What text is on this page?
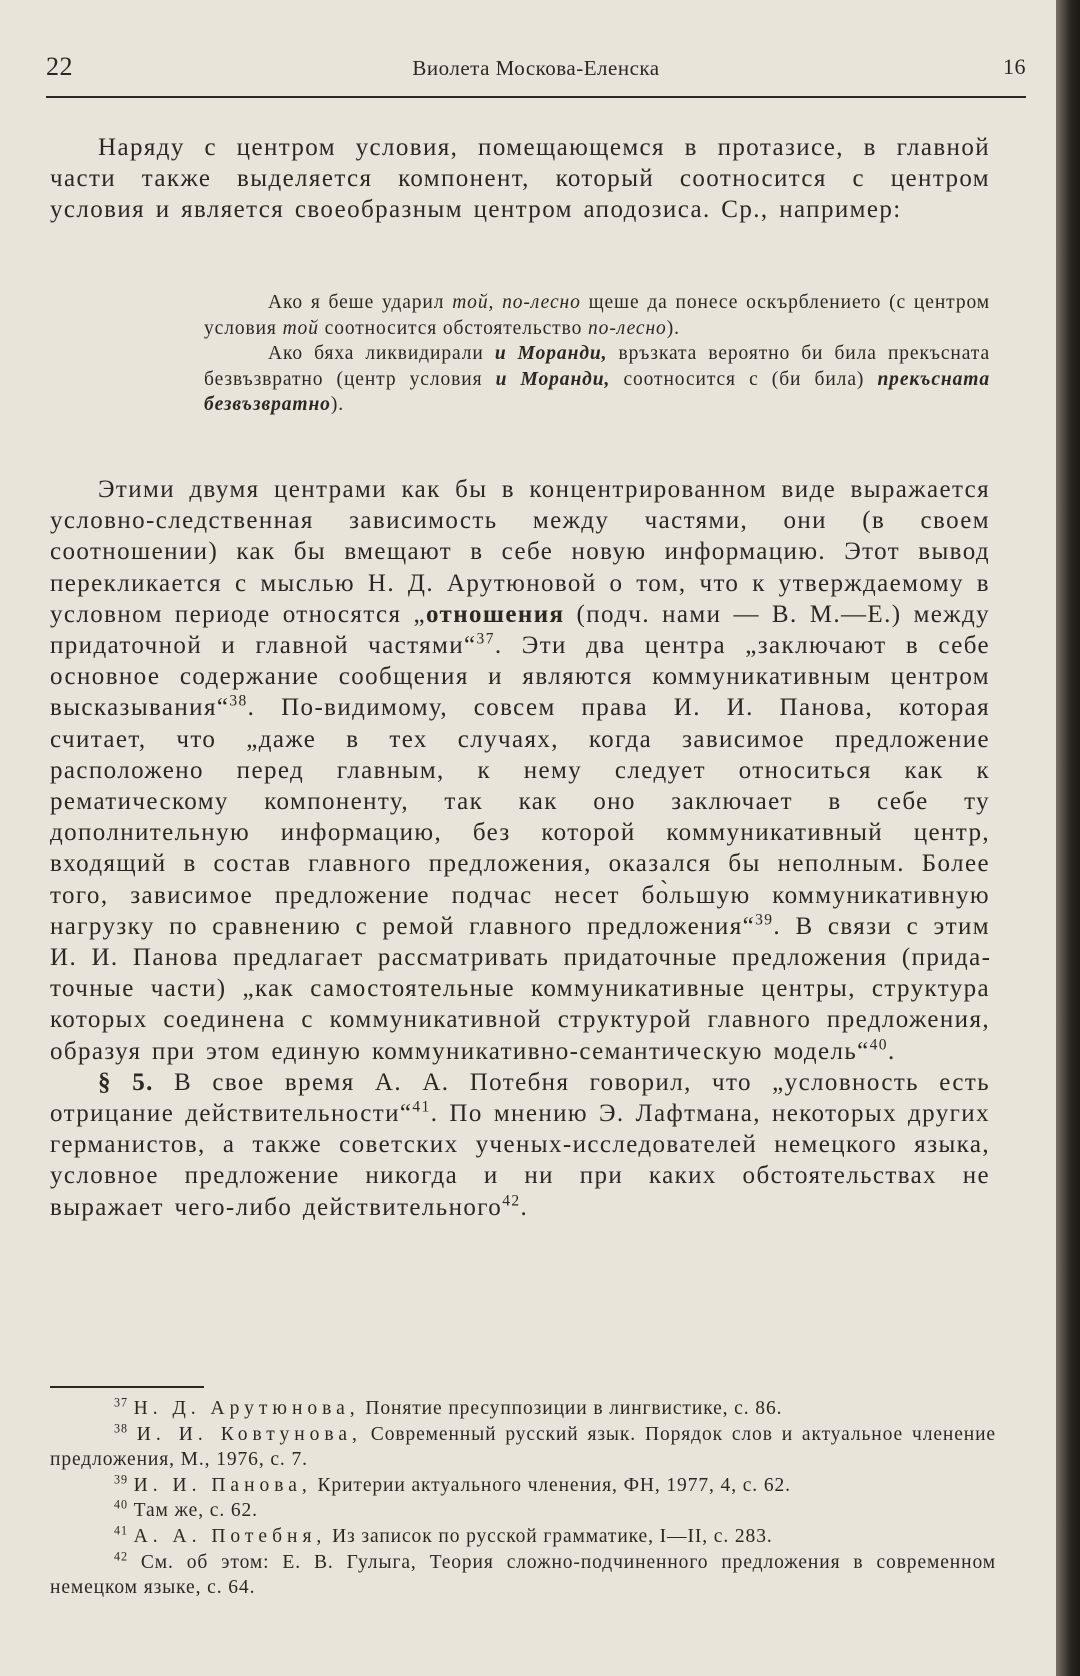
22	Виолета Москова-Еленска	16

Наряду с центром условия, помещающемся в протазисе, в главной части также выделяется компонент, который соотносится с центром условия и является своеобразным центром аподозиса. Ср., например:

Ако я беше ударил той, по-лесно щеше да понесе оскърблението (с центром условия той соотносится обстоятельство по-лесно).

Ако бяха ликвидирали и Моранди, връзката вероятно би била прекъсната безвъзвратно (центр условия и Моранди, соотносится с (би била) прекъсната безвъзвратно).

Этими двумя центрами как бы в концентрированном виде выражается условно-следственная зависимость между частями, они (в своем соотношении) как бы вмещают в себе новую информацию. Этот вывод перекликается с мыслью Н. Д. Арутюновой о том, что к утверждаемому в условном периоде относятся „отношения (подч. нами — В. М.—Е.) между придаточной и главной частями“$^{37}$. Эти два центра „заключают в себе основное содержание сообщения и являются коммуникативным центром высказывания“$^{38}$. По-видимому, совсем права И. И. Панова, которая считает, что „даже в тех случаях, когда зависимое предложение расположено перед главным, к нему следует относиться как к рематическому компоненту, так как оно заключает в себе ту дополнительную информацию, без которой коммуникативный центр, входящий в состав главного предложения, оказался бы неполным. Более того, зависимое предложение подчас несет бо̀льшую коммуникативную нагрузку по сравнению с ремой главного предложения“$^{39}$. В связи с этим И. И. Панова предлагает рассматривать придаточные предложения (придаточные части) „как самостоятельные коммуникативные центры, структура которых соединена с коммуникативной структурой главного предложения, образуя при этом единую коммуникативно-семантическую модель“$^{40}$.

§ 5. В свое время А. А. Потебня говорил, что „условность есть отрицание действительности“$^{41}$. По мнению Э. Лафтмана, некоторых других германистов, а также советских ученых-исследователей немецкого языка, условное предложение никогда и ни при каких обстоятельствах не выражает чего-либо действительного$^{42}$.

$^{37}$ Н. Д. Арутюнова, Понятие пресуппозиции в лингвистике, с. 86.

$^{38}$ И. И. Ковтунова, Современный русский язык. Порядок слов и актуальное членение предложения, М., 1976, с. 7.

$^{39}$ И. И. Панова, Критерии актуального членения, ФН, 1977, 4, с. 62.

$^{40}$ Там же, с. 62.

$^{41}$ А. А. Потебня, Из записок по русской грамматике, I—II, с. 283.

$^{42}$ См. об этом: Е. В. Гулыга, Теория сложно-подчиненного предложения в современном немецком языке, с. 64.
